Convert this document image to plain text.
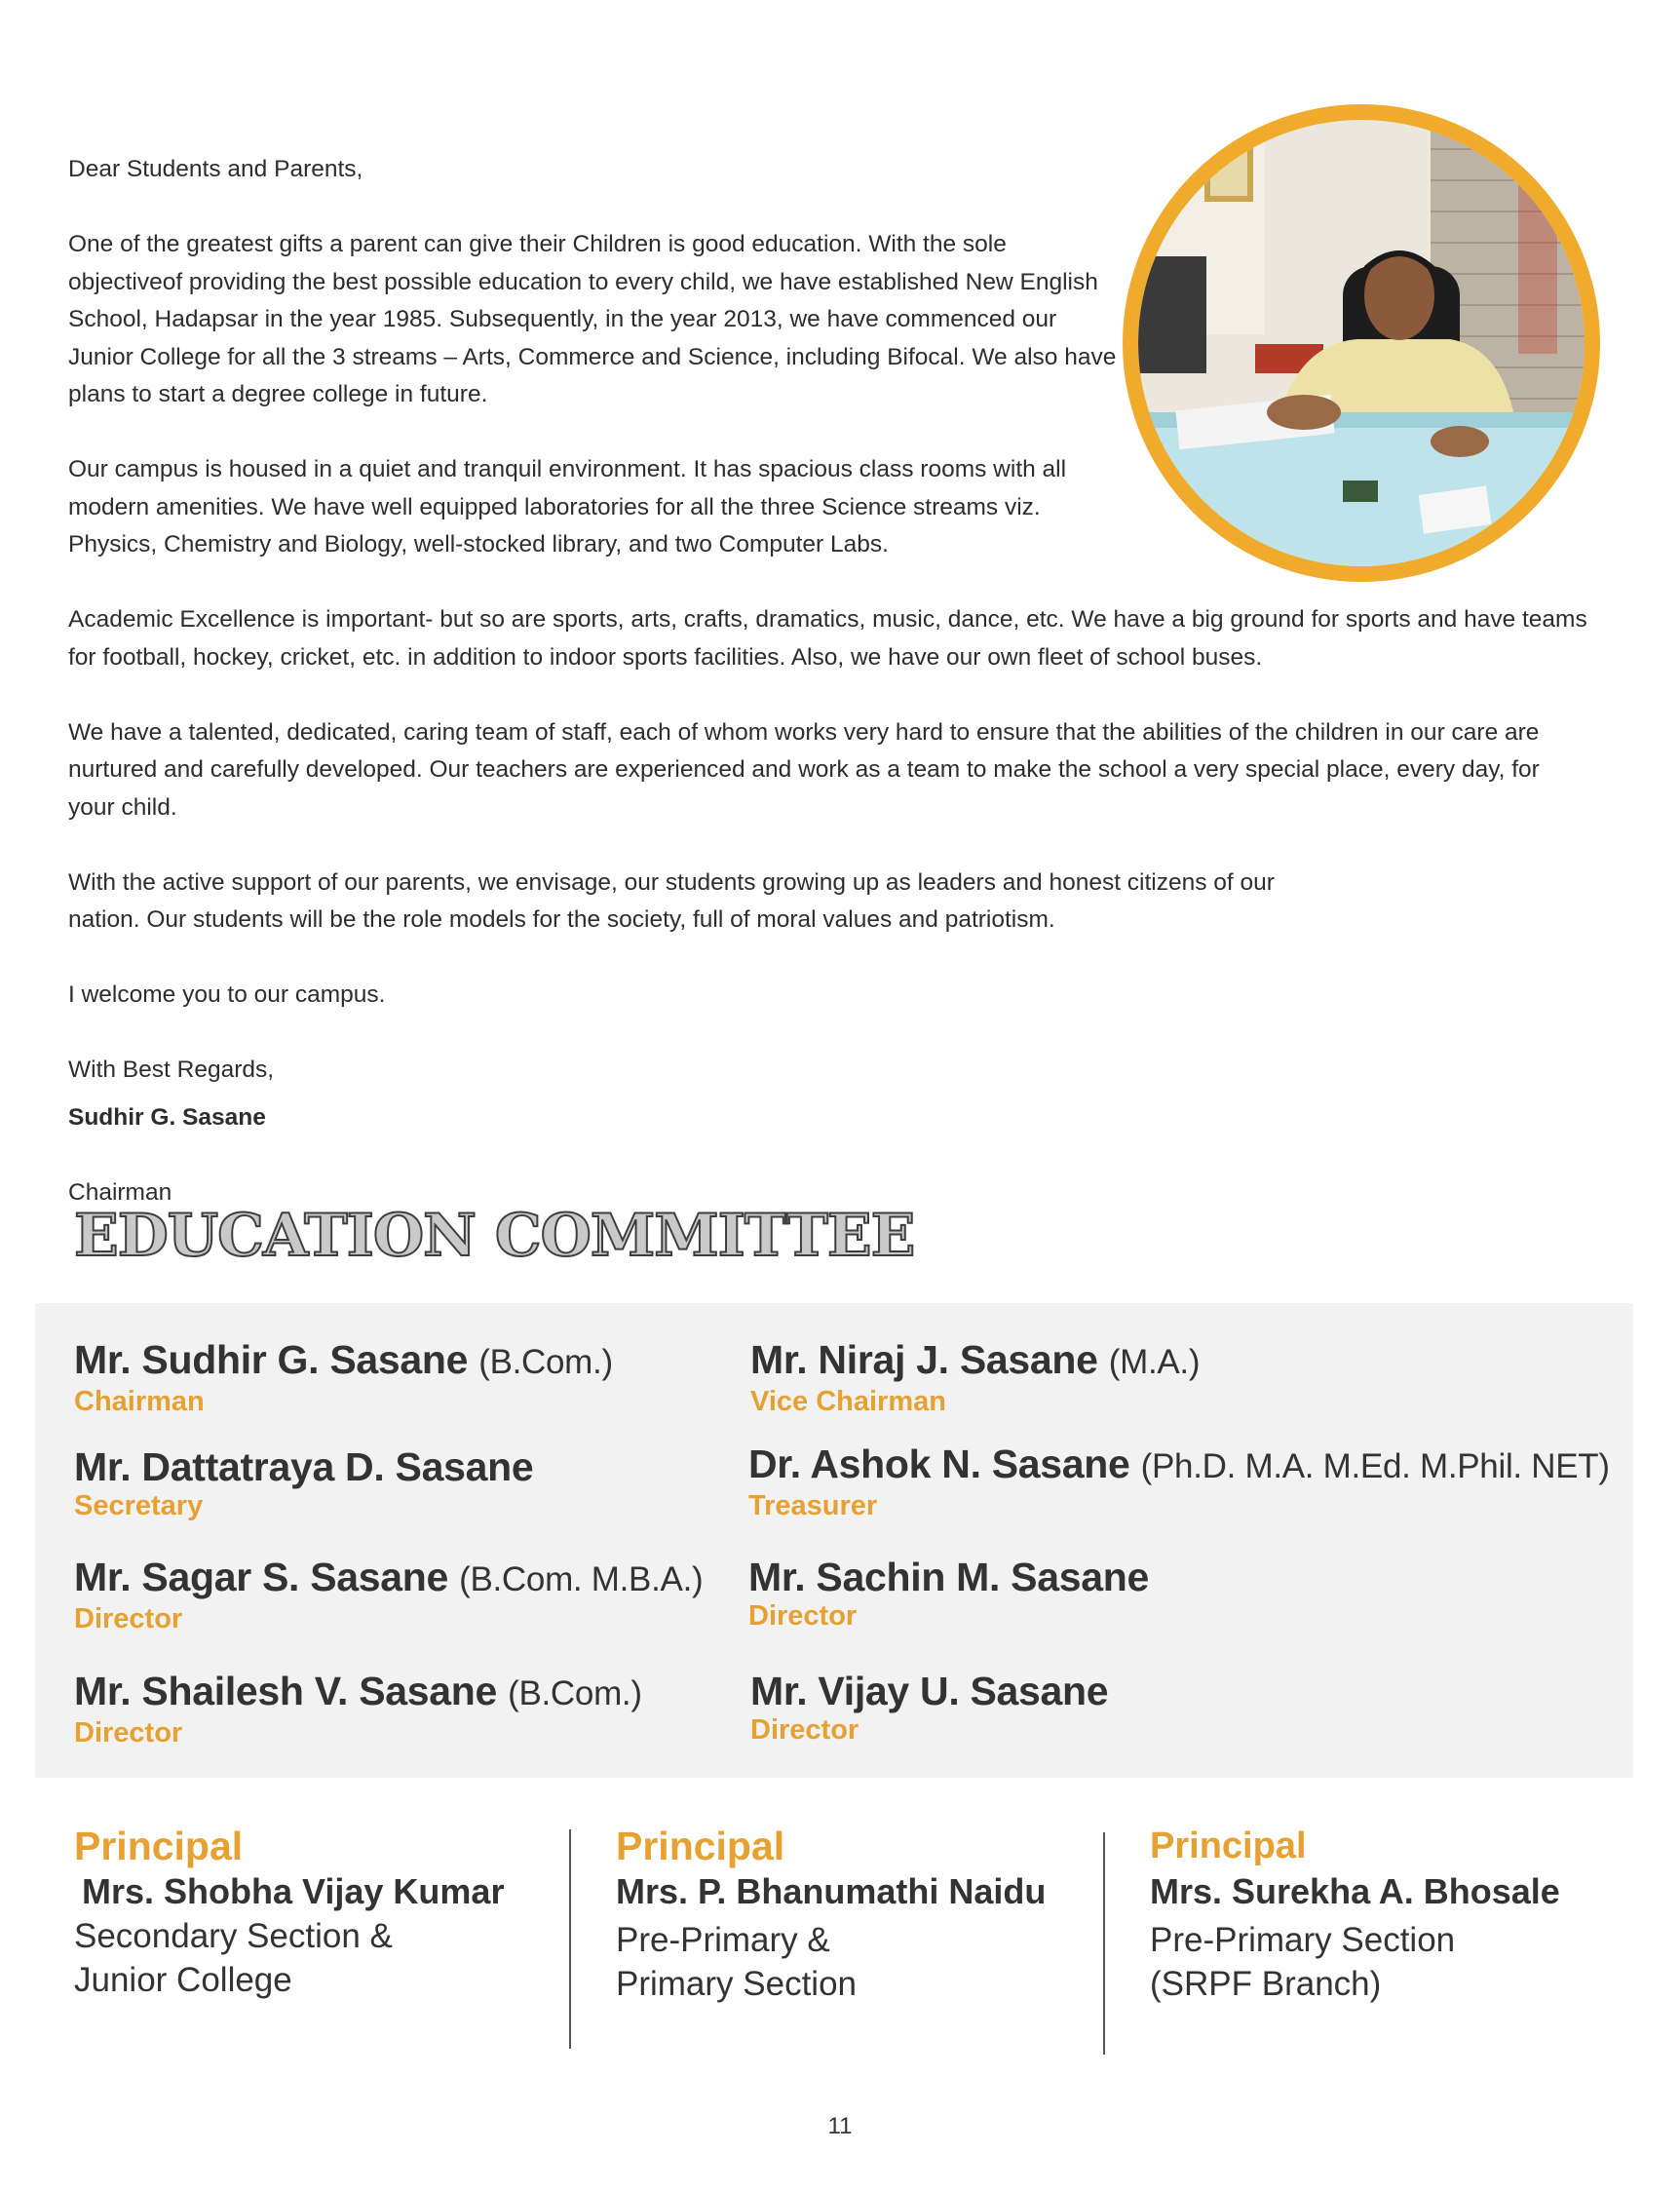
Dear Students and Parents,

One of the greatest gifts a parent can give their Children is good education. With the sole objectiveof providing the best possible education to every child, we have established New English School, Hadapsar in the year 1985. Subsequently, in the year 2013, we have commenced our Junior College for all the 3 streams – Arts, Commerce and Science, including Bifocal. We also have plans to start a degree college in future.

Our campus is housed in a quiet and tranquil environment. It has spacious class rooms with all modern amenities. We have well equipped laboratories for all the three Science streams viz. Physics, Chemistry and Biology, well-stocked library, and two Computer Labs.

Academic Excellence is important- but so are sports, arts, crafts, dramatics, music, dance, etc. We have a big ground for sports and have teams for football, hockey, cricket, etc. in addition to indoor sports facilities. Also, we have our own fleet of school buses.

We have a talented, dedicated, caring team of staff, each of whom works very hard to ensure that the abilities of the children in our care are nurtured and carefully developed. Our teachers are experienced and work as a team to make the school a very special place, every day, for your child.

With the active support of our parents, we envisage, our students growing up as leaders and honest citizens of our nation. Our students will be the role models for the society, full of moral values and patriotism.

I welcome you to our campus.

With Best Regards,

Sudhir G. Sasane

Chairman

EDUCATION COMMITTEE
Mr. Sudhir G. Sasane (B.Com.)
Chairman
Mr. Niraj J. Sasane (M.A.)
Vice Chairman
Mr. Dattatraya D. Sasane
Secretary
Dr. Ashok N. Sasane (Ph.D. M.A. M.Ed. M.Phil. NET)
Treasurer
Mr. Sagar S. Sasane (B.Com. M.B.A.)
Director
Mr. Sachin M. Sasane
Director
Mr. Shailesh V. Sasane (B.Com.)
Director
Mr. Vijay U. Sasane
Director
Principal
Mrs. Shobha Vijay Kumar
Secondary Section &
Junior College
Principal
Mrs. P. Bhanumathi Naidu
Pre-Primary &
Primary Section
Principal
Mrs. Surekha A. Bhosale
Pre-Primary Section
(SRPF Branch)
11
